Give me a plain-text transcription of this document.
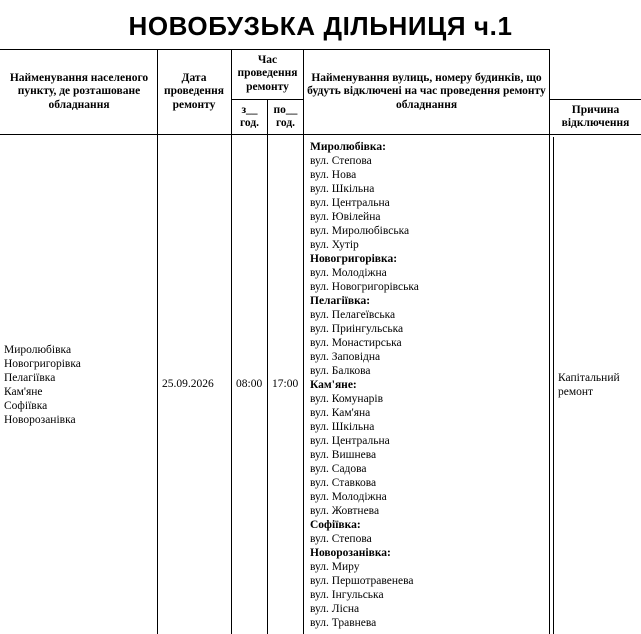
НОВОБУЗЬКА ДІЛЬНИЦЯ ч.1
Найменування населеного пункту, де розташоване обладнання
Дата проведення ремонту
Час проведення ремонту
з__ год.
по__ год.
Найменування вулиць, номеру будинків, що будуть відключені на час проведення ремонту обладнання	Причина відключення
Миролюбівка
Новогригорівка
Пелагіївка
Кам'яне
Софіївка
Новорозанівка
25.09.2026 08:00 17:00
Миролюбівка:
вул. Степова
вул. Нова
вул. Шкільна
вул. Центральна
вул. Ювілейна
вул. Миролюбівська
вул. Хутір
Новогригорівка:
вул. Молодіжна
вул. Новогригорівська
Пелагіївка:
вул. Пелагеївська
вул. Приінгульська
вул. Монастирська
вул. Заповідна
вул. Балкова
Кам'яне:
вул. Комунарів
вул. Кам'яна
вул. Шкільна
вул. Центральна
вул. Вишнева
вул. Садова
вул. Ставкова
вул. Молодіжна
вул. Жовтнева
Софіївка:
вул. Степова
Новорозанівка:
вул. Миру
вул. Першотравенева
вул. Інгульська
вул. Лісна
вул. Травнева
Капітальний ремонт
